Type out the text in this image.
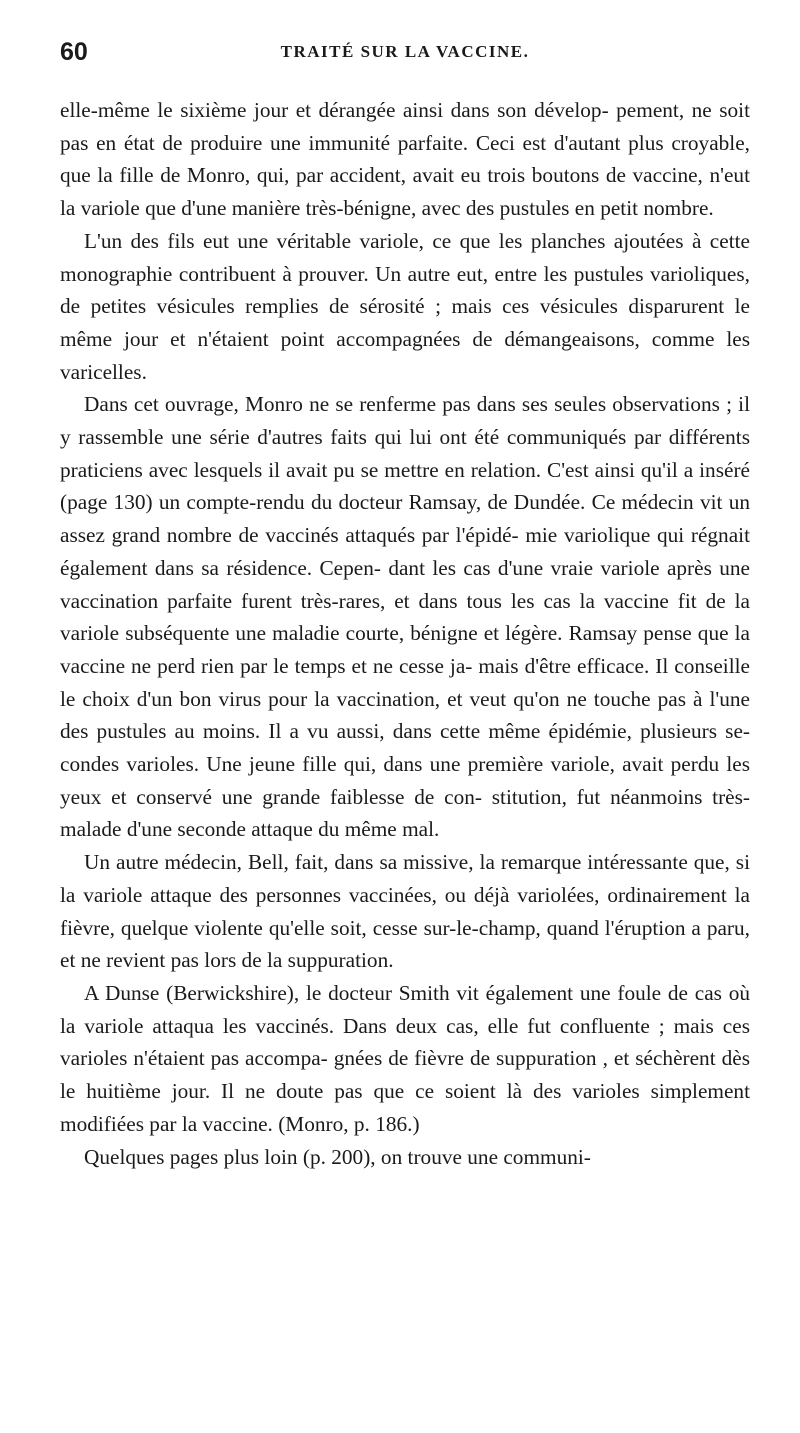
60	TRAITÉ SUR LA VACCINE.

elle-même le sixième jour et dérangée ainsi dans son dévelop- pement, ne soit pas en état de produire une immunité parfaite. Ceci est d'autant plus croyable, que la fille de Monro, qui, par accident, avait eu trois boutons de vaccine, n'eut la variole que d'une manière très-bénigne, avec des pustules en petit nombre.

L'un des fils eut une véritable variole, ce que les planches ajoutées à cette monographie contribuent à prouver. Un autre eut, entre les pustules varioliques, de petites vésicules remplies de sérosité ; mais ces vésicules disparurent le même jour et n'étaient point accompagnées de démangeaisons, comme les varicelles.

Dans cet ouvrage, Monro ne se renferme pas dans ses seules observations ; il y rassemble une série d'autres faits qui lui ont été communiqués par différents praticiens avec lesquels il avait pu se mettre en relation. C'est ainsi qu'il a inséré (page 130) un compte-rendu du docteur Ramsay, de Dundée. Ce médecin vit un assez grand nombre de vaccinés attaqués par l'épidé- mie variolique qui régnait également dans sa résidence. Cepen- dant les cas d'une vraie variole après une vaccination parfaite furent très-rares, et dans tous les cas la vaccine fit de la variole subséquente une maladie courte, bénigne et légère. Ramsay pense que la vaccine ne perd rien par le temps et ne cesse ja- mais d'être efficace. Il conseille le choix d'un bon virus pour la vaccination, et veut qu'on ne touche pas à l'une des pustules au moins. Il a vu aussi, dans cette même épidémie, plusieurs se- condes varioles. Une jeune fille qui, dans une première variole, avait perdu les yeux et conservé une grande faiblesse de con- stitution, fut néanmoins très-malade d'une seconde attaque du même mal.

Un autre médecin, Bell, fait, dans sa missive, la remarque intéressante que, si la variole attaque des personnes vaccinées, ou déjà variolées, ordinairement la fièvre, quelque violente qu'elle soit, cesse sur-le-champ, quand l'éruption a paru, et ne revient pas lors de la suppuration.

A Dunse (Berwickshire), le docteur Smith vit également une foule de cas où la variole attaqua les vaccinés. Dans deux cas, elle fut confluente ; mais ces varioles n'étaient pas accompa- gnées de fièvre de suppuration , et séchèrent dès le huitième jour. Il ne doute pas que ce soient là des varioles simplement modifiées par la vaccine. (Monro, p. 186.)

Quelques pages plus loin (p. 200), on trouve une communi-
